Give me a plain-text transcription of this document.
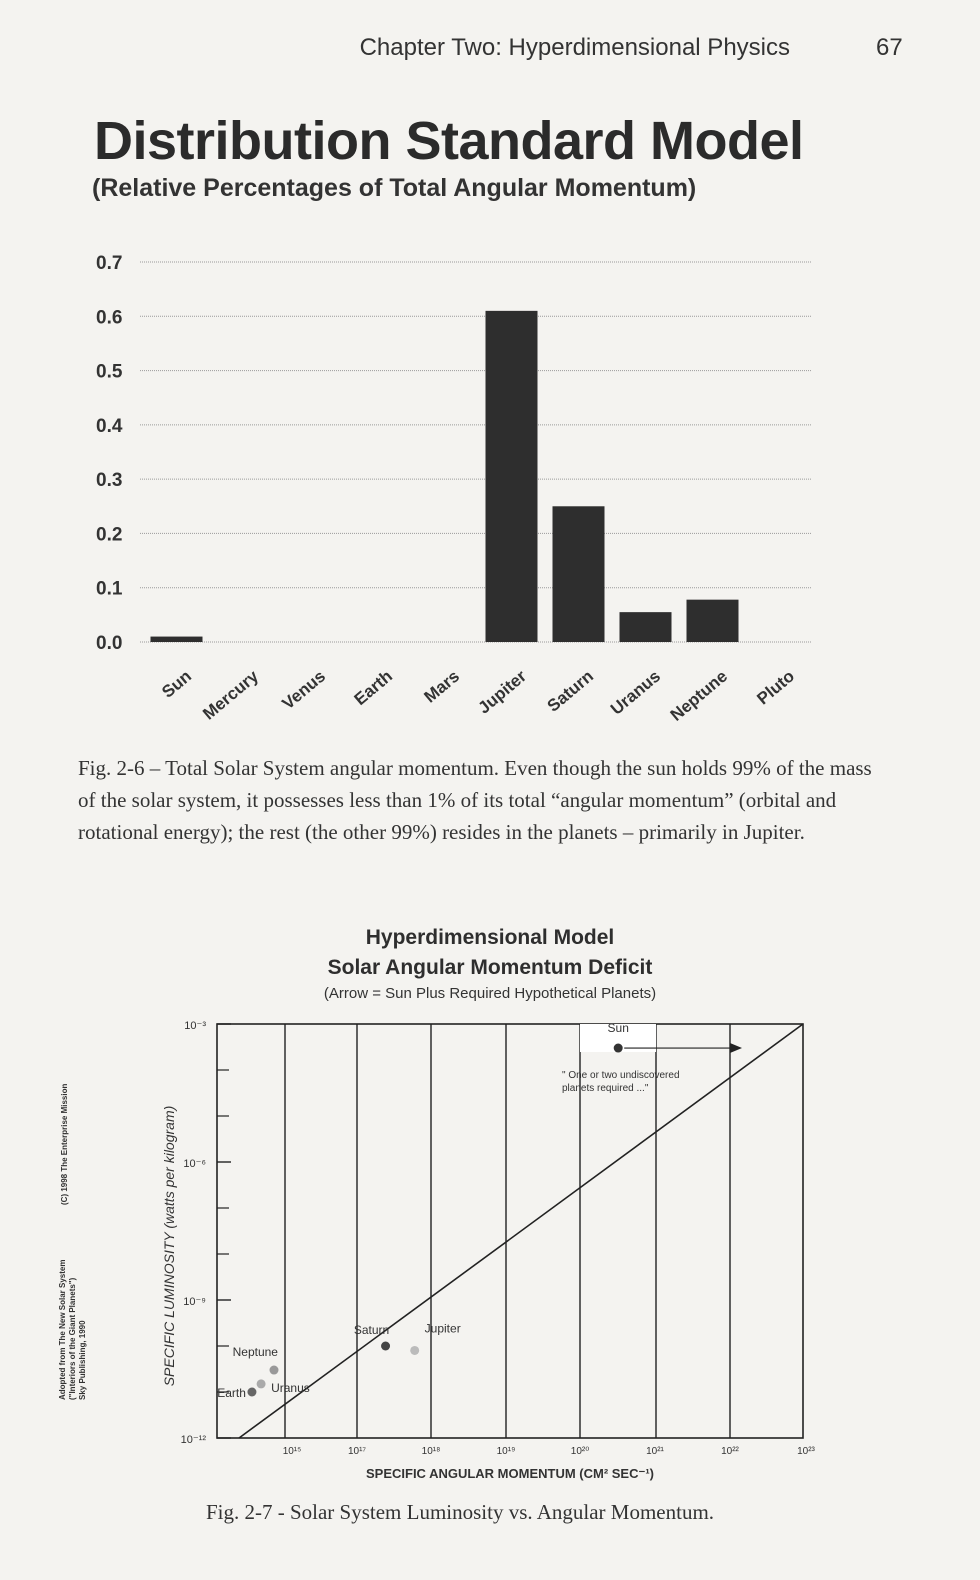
Chapter Two: Hyperdimensional Physics	67
Distribution Standard Model
(Relative Percentages of Total Angular Momentum)
0.7
0.6
0.5
0.4
0.3
0.2
0.1
0.0
Sun Mercury Venus Earth Mars Jupiter Saturn Uranus Neptune Pluto
Fig. 2-6 – Total Solar System angular momentum. Even though the sun holds 99% of the mass of the solar system, it possesses less than 1% of its total “angular momentum” (orbital and rotational energy); the rest (the other 99%) resides in the planets – primarily in Jupiter.
Hyperdimensional Model
Solar Angular Momentum Deficit
(Arrow = Sun Plus Required Hypothetical Planets)
10¹⁵	10¹⁷	10¹⁸	10¹⁹	10²⁰	10²¹	10²²	10²³
10⁻³
10⁻⁶
10⁻⁹
10⁻¹²
SPECIFIC ANGULAR MOMENTUM (CM² SEC⁻¹)
SPECIFIC LUMINOSITY (watts per kilogram)
Sun
Jupiter
Saturn
Neptune
Uranus
Earth
" One or two undiscovered
planets required ..."
(C) 1998 The Enterprise Mission
Adopted from The New Solar System ("Interiors of the Giant Planets") Sky Publishing, 1990
Fig. 2-7 - Solar System Luminosity vs. Angular Momentum.
